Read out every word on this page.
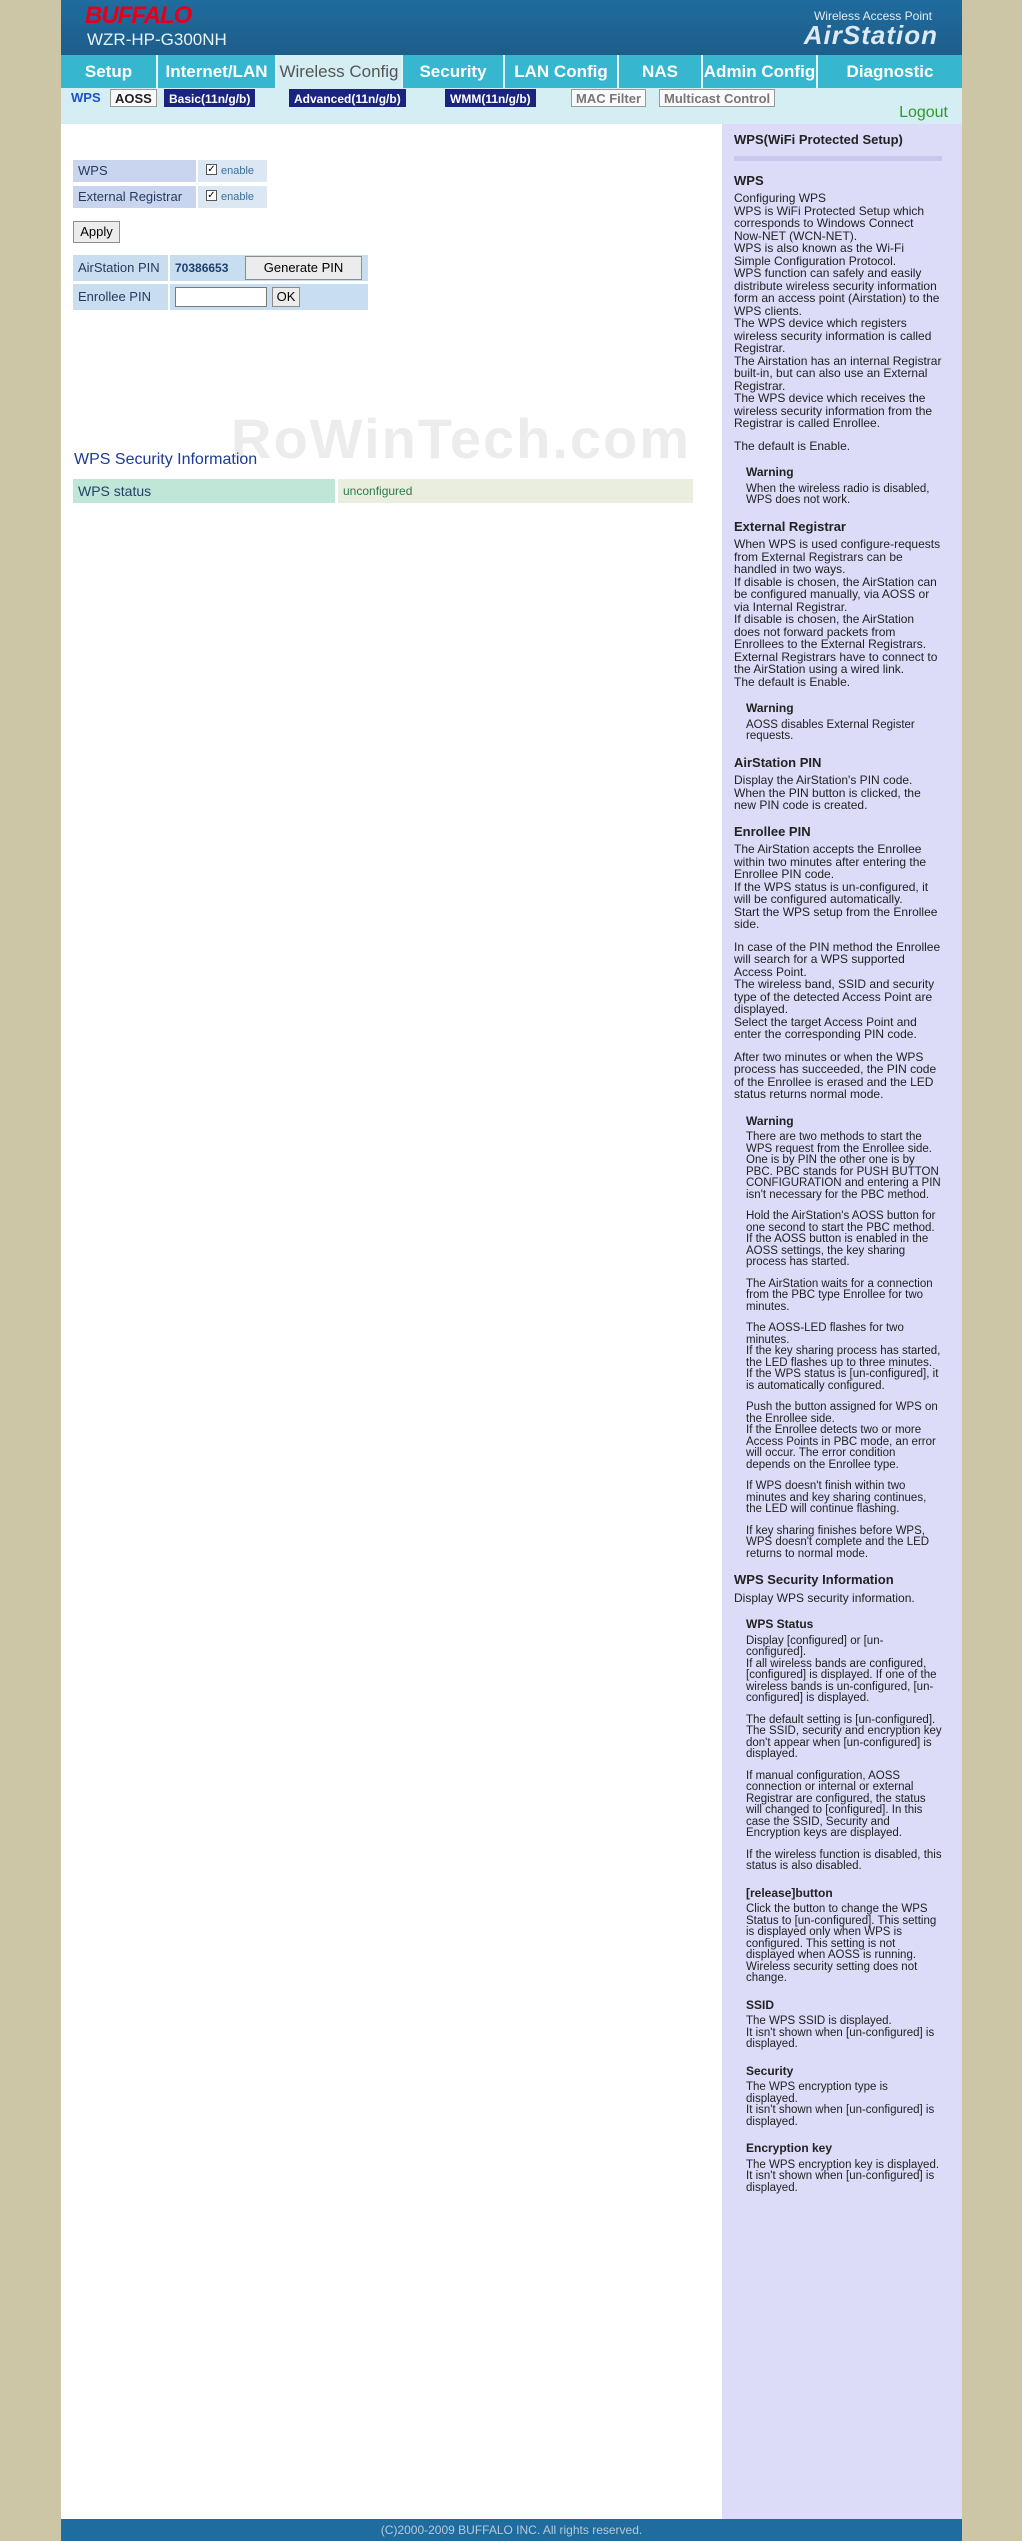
BUFFALO
WZR-HP-G300NH
Wireless Access Point
AirStation
Setup	Internet/LAN Wireless Config	Security	LAN Config	NAS	Admin Config	Diagnostic
WPS	AOSS	Basic(11n/g/b)	Advanced(11n/g/b)	WMM(11n/g/b)	MAC Filter	Multicast Control
Logout
RoWinTech.com
WPS	✓ enable
External Registrar	✓ enable
Apply
AirStation PIN	70386653	Generate PIN
Enrollee PIN	OK
WPS Security Information
WPS status	unconfigured
WPS(WiFi Protected Setup)
WPS

Configuring WPS
WPS is WiFi Protected Setup which corresponds to Windows Connect Now-NET (WCN-NET).
WPS is also known as the Wi-Fi Simple Configuration Protocol.
WPS function can safely and easily distribute wireless security information form an access point (Airstation) to the WPS clients.
The WPS device which registers wireless security information is called Registrar.
The Airstation has an internal Registrar built-in, but can also use an External Registrar.
The WPS device which receives the wireless security information from the Registrar is called Enrollee.

The default is Enable.

Warning

When the wireless radio is disabled, WPS does not work.

External Registrar

When WPS is used configure-requests from External Registrars can be handled in two ways.
If disable is chosen, the AirStation can be configured manually, via AOSS or via Internal Registrar.
If disable is chosen, the AirStation does not forward packets from Enrollees to the External Registrars.
External Registrars have to connect to the AirStation using a wired link.
The default is Enable.

Warning

AOSS disables External Register requests.

AirStation PIN

Display the AirStation's PIN code.
When the PIN button is clicked, the new PIN code is created.

Enrollee PIN

The AirStation accepts the Enrollee within two minutes after entering the Enrollee PIN code.
If the WPS status is un-configured, it will be configured automatically.
Start the WPS setup from the Enrollee side.

In case of the PIN method the Enrollee will search for a WPS supported Access Point.
The wireless band, SSID and security type of the detected Access Point are displayed.
Select the target Access Point and enter the corresponding PIN code.

After two minutes or when the WPS process has succeeded, the PIN code of the Enrollee is erased and the LED status returns normal mode.

Warning

There are two methods to start the WPS request from the Enrollee side. One is by PIN the other one is by PBC. PBC stands for PUSH BUTTON CONFIGURATION and entering a PIN isn't necessary for the PBC method.

Hold the AirStation's AOSS button for one second to start the PBC method.
If the AOSS button is enabled in the AOSS settings, the key sharing process has started.

The AirStation waits for a connection from the PBC type Enrollee for two minutes.

The AOSS-LED flashes for two minutes.
If the key sharing process has started, the LED flashes up to three minutes.
If the WPS status is [un-configured], it is automatically configured.

Push the button assigned for WPS on the Enrollee side.
If the Enrollee detects two or more Access Points in PBC mode, an error will occur. The error condition depends on the Enrollee type.

If WPS doesn't finish within two minutes and key sharing continues, the LED will continue flashing.

If key sharing finishes before WPS, WPS doesn't complete and the LED returns to normal mode.

WPS Security Information

Display WPS security information.

WPS Status

Display [configured] or [un-configured].
If all wireless bands are configured, [configured] is displayed. If one of the wireless bands is un-configured, [un-configured] is displayed.

The default setting is [un-configured]. The SSID, security and encryption key don't appear when [un-configured] is displayed.

If manual configuration, AOSS connection or internal or external Registrar are configured, the status will changed to [configured]. In this case the SSID, Security and Encryption keys are displayed.

If the wireless function is disabled, this status is also disabled.

[release]button

Click the button to change the WPS Status to [un-configured]. This setting is displayed only when WPS is configured. This setting is not displayed when AOSS is running. Wireless security setting does not change.

SSID

The WPS SSID is displayed.
It isn't shown when [un-configured] is displayed.

Security

The WPS encryption type is displayed.
It isn't shown when [un-configured] is displayed.

Encryption key

The WPS encryption key is displayed.
It isn't shown when [un-configured] is displayed.

(C)2000-2009 BUFFALO INC. All rights reserved.
